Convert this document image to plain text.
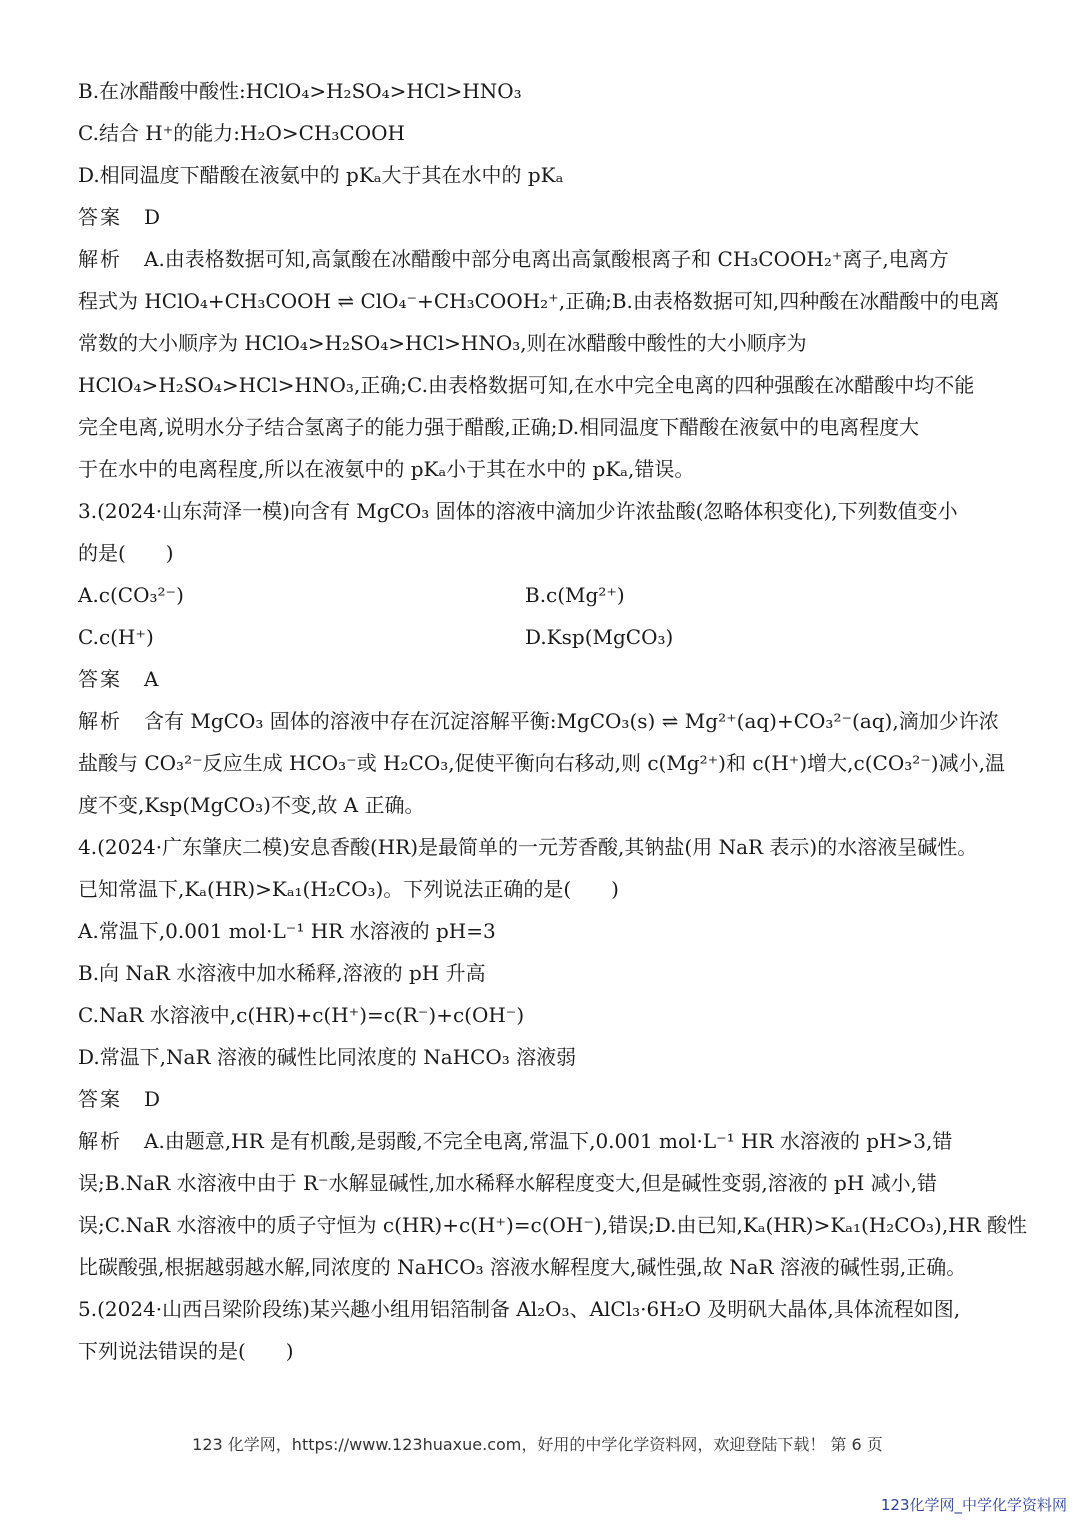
B.在冰醋酸中酸性:HClO₄>H₂SO₄>HCl>HNO₃
C.结合 H⁺的能力:H₂O>CH₃COOH
D.相同温度下醋酸在液氨中的 pKₐ大于其在水中的 pKₐ
答案 D
解析 A.由表格数据可知,高氯酸在冰醋酸中部分电离出高氯酸根离子和 CH₃COOH₂⁺离子,电离方
程式为 HClO₄+CH₃COOH ⇌ ClO₄⁻+CH₃COOH₂⁺,正确;B.由表格数据可知,四种酸在冰醋酸中的电离
常数的大小顺序为 HClO₄>H₂SO₄>HCl>HNO₃,则在冰醋酸中酸性的大小顺序为
HClO₄>H₂SO₄>HCl>HNO₃,正确;C.由表格数据可知,在水中完全电离的四种强酸在冰醋酸中均不能
完全电离,说明水分子结合氢离子的能力强于醋酸,正确;D.相同温度下醋酸在液氨中的电离程度大
于在水中的电离程度,所以在液氨中的 pKₐ小于其在水中的 pKₐ,错误。
3.(2024·山东菏泽一模)向含有 MgCO₃ 固体的溶液中滴加少许浓盐酸(忽略体积变化),下列数值变小
的是(　　)
A.c(CO₃²⁻)	B.c(Mg²⁺)
C.c(H⁺)	D.Ksp(MgCO₃)
答案 A
解析 含有 MgCO₃ 固体的溶液中存在沉淀溶解平衡:MgCO₃(s) ⇌ Mg²⁺(aq)+CO₃²⁻(aq),滴加少许浓
盐酸与 CO₃²⁻反应生成 HCO₃⁻或 H₂CO₃,促使平衡向右移动,则 c(Mg²⁺)和 c(H⁺)增大,c(CO₃²⁻)减小,温
度不变,Ksp(MgCO₃)不变,故 A 正确。
4.(2024·广东肇庆二模)安息香酸(HR)是最简单的一元芳香酸,其钠盐(用 NaR 表示)的水溶液呈碱性。
已知常温下,Kₐ(HR)>Kₐ₁(H₂CO₃)。下列说法正确的是(　　)
A.常温下,0.001 mol·L⁻¹ HR 水溶液的 pH=3
B.向 NaR 水溶液中加水稀释,溶液的 pH 升高
C.NaR 水溶液中,c(HR)+c(H⁺)=c(R⁻)+c(OH⁻)
D.常温下,NaR 溶液的碱性比同浓度的 NaHCO₃ 溶液弱
答案 D
解析 A.由题意,HR 是有机酸,是弱酸,不完全电离,常温下,0.001 mol·L⁻¹ HR 水溶液的 pH>3,错
误;B.NaR 水溶液中由于 R⁻水解显碱性,加水稀释水解程度变大,但是碱性变弱,溶液的 pH 减小,错
误;C.NaR 水溶液中的质子守恒为 c(HR)+c(H⁺)=c(OH⁻),错误;D.由已知,Kₐ(HR)>Kₐ₁(H₂CO₃),HR 酸性
比碳酸强,根据越弱越水解,同浓度的 NaHCO₃ 溶液水解程度大,碱性强,故 NaR 溶液的碱性弱,正确。
5.(2024·山西吕梁阶段练)某兴趣小组用铝箔制备 Al₂O₃、AlCl₃·6H₂O 及明矾大晶体,具体流程如图,
下列说法错误的是(　　)
123 化学网，https://www.123huaxue.com，好用的中学化学资料网，欢迎登陆下载！ 第 6 页
123化学网_中学化学资料网
